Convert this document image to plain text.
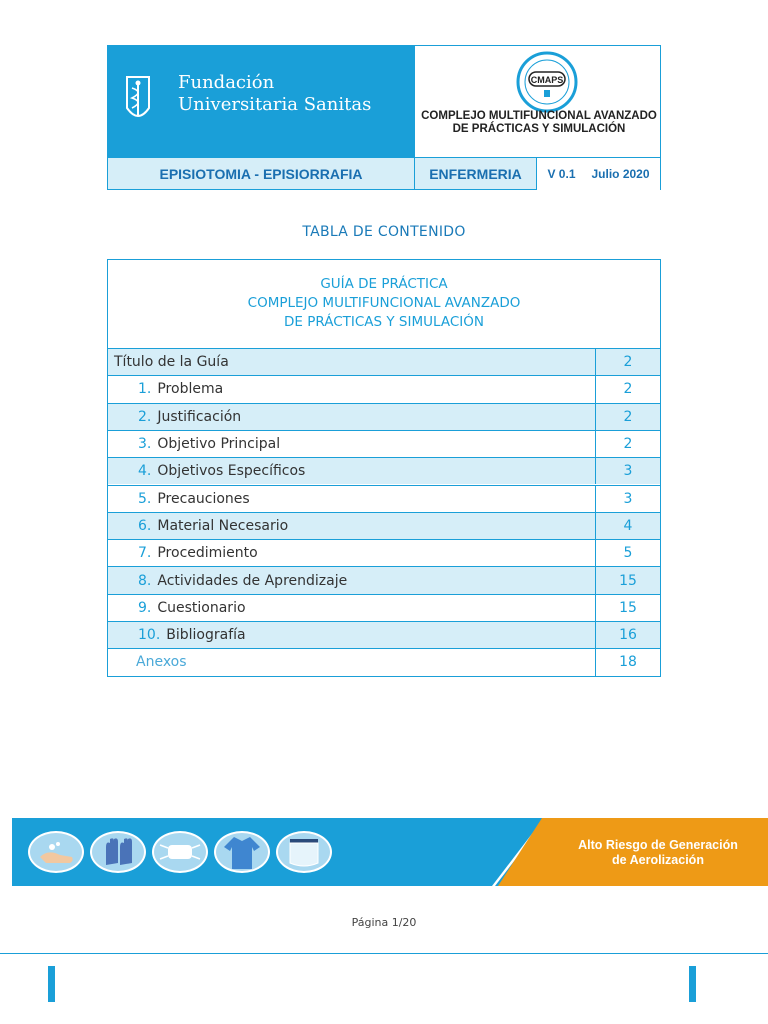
Fundación
Universitaria Sanitas
CMAPS
COMPLEJO MULTIFUNCIONAL AVANZADO DE PRÁCTICAS Y SIMULACIÓN
EPISIOTOMIA - EPISIORRAFIA	ENFERMERIA	V 0.1 Julio 2020
TABLA DE CONTENIDO
GUÍA DE PRÁCTICA
COMPLEJO MULTIFUNCIONAL AVANZADO
DE PRÁCTICAS Y SIMULACIÓN
Título de la Guía	2
1. Problema	2
2. Justificación	2
3. Objetivo Principal	2
4. Objetivos Específicos	3
5. Precauciones	3
6. Material Necesario	4
7. Procedimiento	5
8. Actividades de Aprendizaje	15
9. Cuestionario	15
10. Bibliografía	16
Anexos	18
Alto Riesgo de Generación
de Aerolización
Página 1/20
